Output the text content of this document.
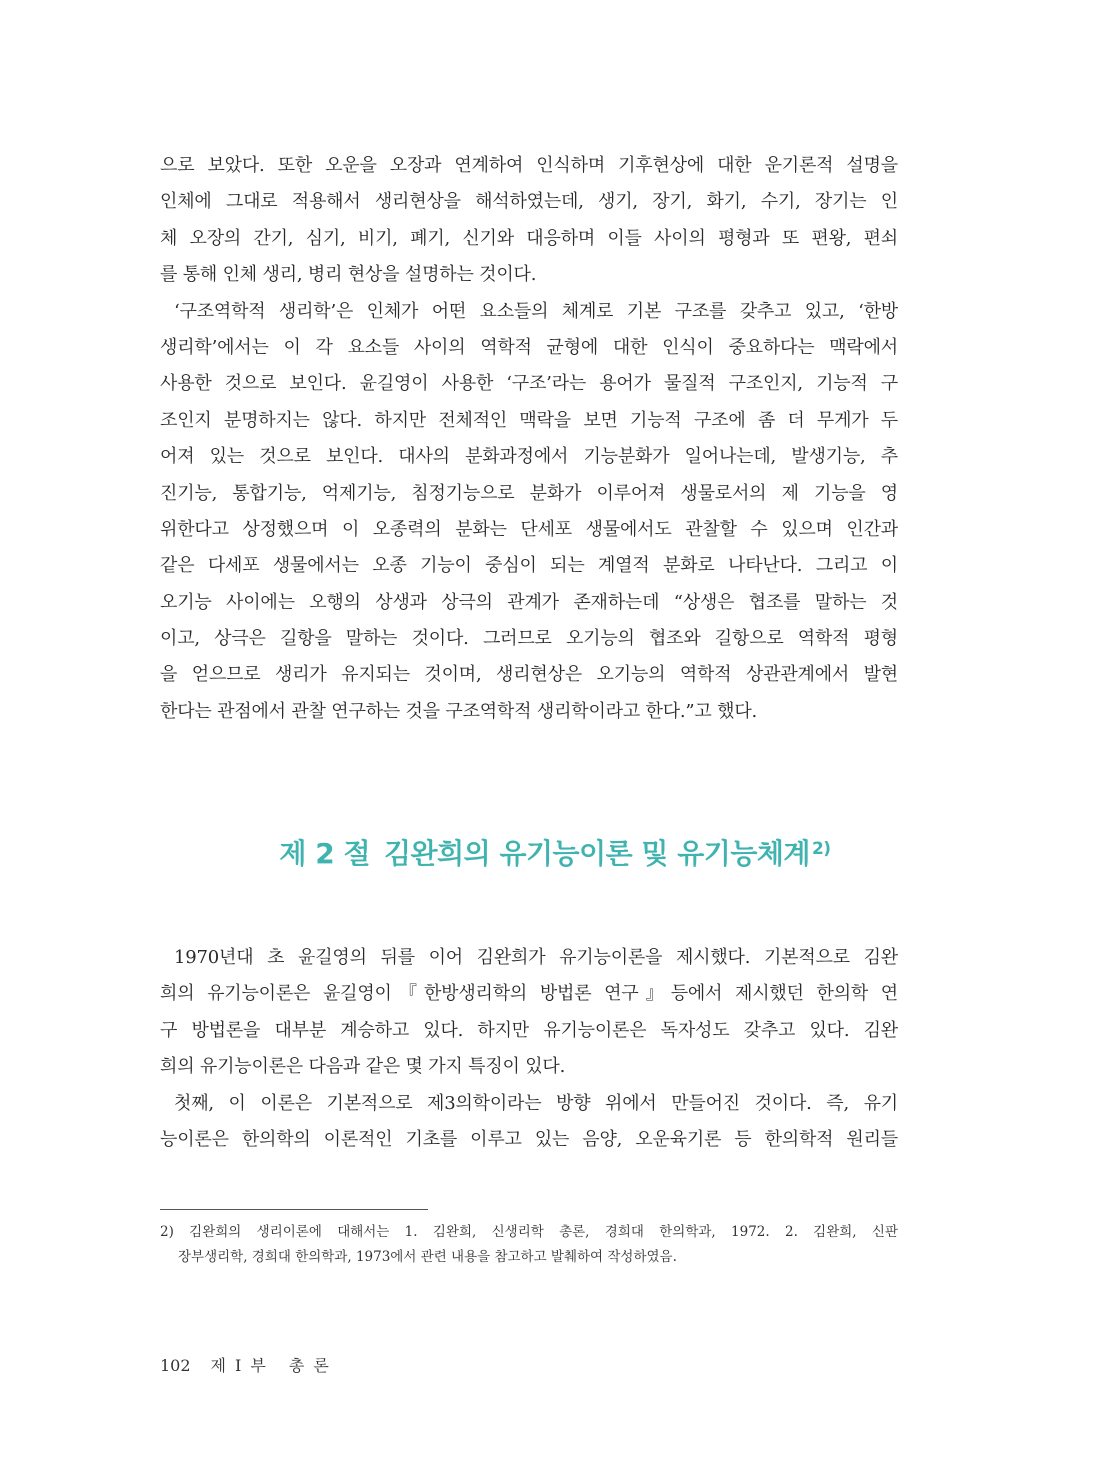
으로 보았다. 또한 오운을 오장과 연계하여 인식하며 기후현상에 대한 운기론적 설명을
인체에 그대로 적용해서 생리현상을 해석하였는데, 생기, 장기, 화기, 수기, 장기는 인
체 오장의 간기, 심기, 비기, 폐기, 신기와 대응하며 이들 사이의 평형과 또 편왕, 편쇠
를 통해 인체 생리, 병리 현상을 설명하는 것이다.
‘구조역학적 생리학’은 인체가 어떤 요소들의 체계로 기본 구조를 갖추고 있고, ‘한방
생리학’에서는 이 각 요소들 사이의 역학적 균형에 대한 인식이 중요하다는 맥락에서
사용한 것으로 보인다. 윤길영이 사용한 ‘구조’라는 용어가 물질적 구조인지, 기능적 구
조인지 분명하지는 않다. 하지만 전체적인 맥락을 보면 기능적 구조에 좀 더 무게가 두
어져 있는 것으로 보인다. 대사의 분화과정에서 기능분화가 일어나는데, 발생기능, 추
진기능, 통합기능, 억제기능, 침정기능으로 분화가 이루어져 생물로서의 제 기능을 영
위한다고 상정했으며 이 오종력의 분화는 단세포 생물에서도 관찰할 수 있으며 인간과
같은 다세포 생물에서는 오종 기능이 중심이 되는 계열적 분화로 나타난다. 그리고 이
오기능 사이에는 오행의 상생과 상극의 관계가 존재하는데 “상생은 협조를 말하는 것
이고, 상극은 길항을 말하는 것이다. 그러므로 오기능의 협조와 길항으로 역학적 평형
을 얻으므로 생리가 유지되는 것이며, 생리현상은 오기능의 역학적 상관관계에서 발현
한다는 관점에서 관찰 연구하는 것을 구조역학적 생리학이라고 한다.”고 했다.
제 2 절 김완희의 유기능이론 및 유기능체계 $^{2)}$
1970년대 초 윤길영의 뒤를 이어 김완희가 유기능이론을 제시했다. 기본적으로 김완
희의 유기능이론은 윤길영이『한방생리학의 방법론 연구』등에서 제시했던 한의학 연
구 방법론을 대부분 계승하고 있다. 하지만 유기능이론은 독자성도 갖추고 있다. 김완
희의 유기능이론은 다음과 같은 몇 가지 특징이 있다.
첫째, 이 이론은 기본적으로 제3의학이라는 방향 위에서 만들어진 것이다. 즉, 유기
능이론은 한의학의 이론적인 기초를 이루고 있는 음양, 오운육기론 등 한의학적 원리들
2) 김완희의 생리이론에 대해서는 1. 김완희, 신생리학 총론, 경희대 한의학과, 1972. 2. 김완희, 신판
장부생리학, 경희대 한의학과, 1973에서 관련 내용을 참고하고 발췌하여 작성하였음.
102 제Ⅰ부 총론
